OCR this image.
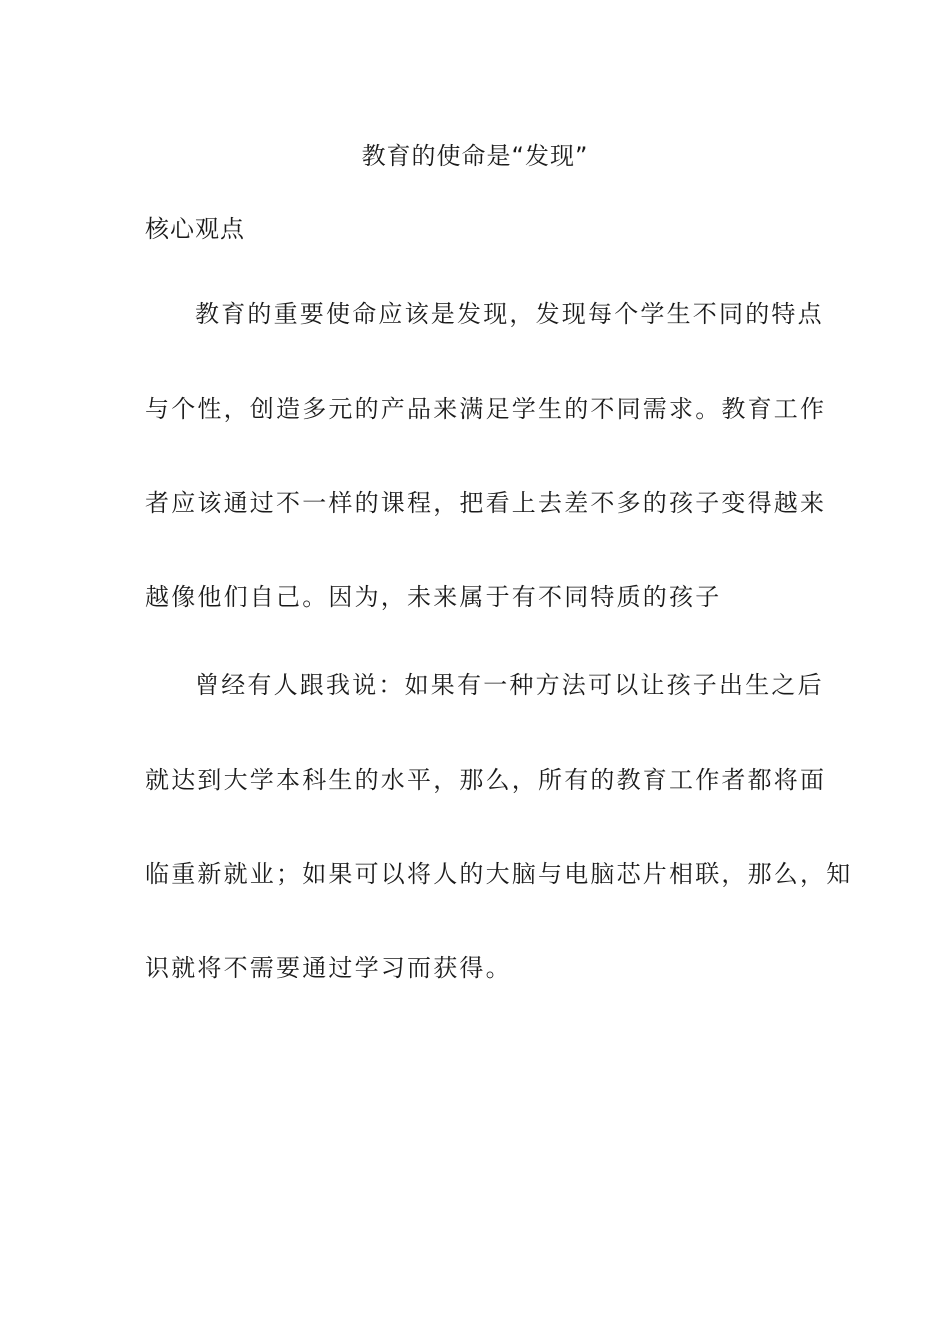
教育的使命是“发现”
核心观点
教育的重要使命应该是发现，发现每个学生不同的特点
与个性，创造多元的产品来满足学生的不同需求。教育工作
者应该通过不一样的课程，把看上去差不多的孩子变得越来
越像他们自己。因为，未来属于有不同特质的孩子
曾经有人跟我说：如果有一种方法可以让孩子出生之后
就达到大学本科生的水平，那么，所有的教育工作者都将面
临重新就业；如果可以将人的大脑与电脑芯片相联，那么，知
识就将不需要通过学习而获得。
